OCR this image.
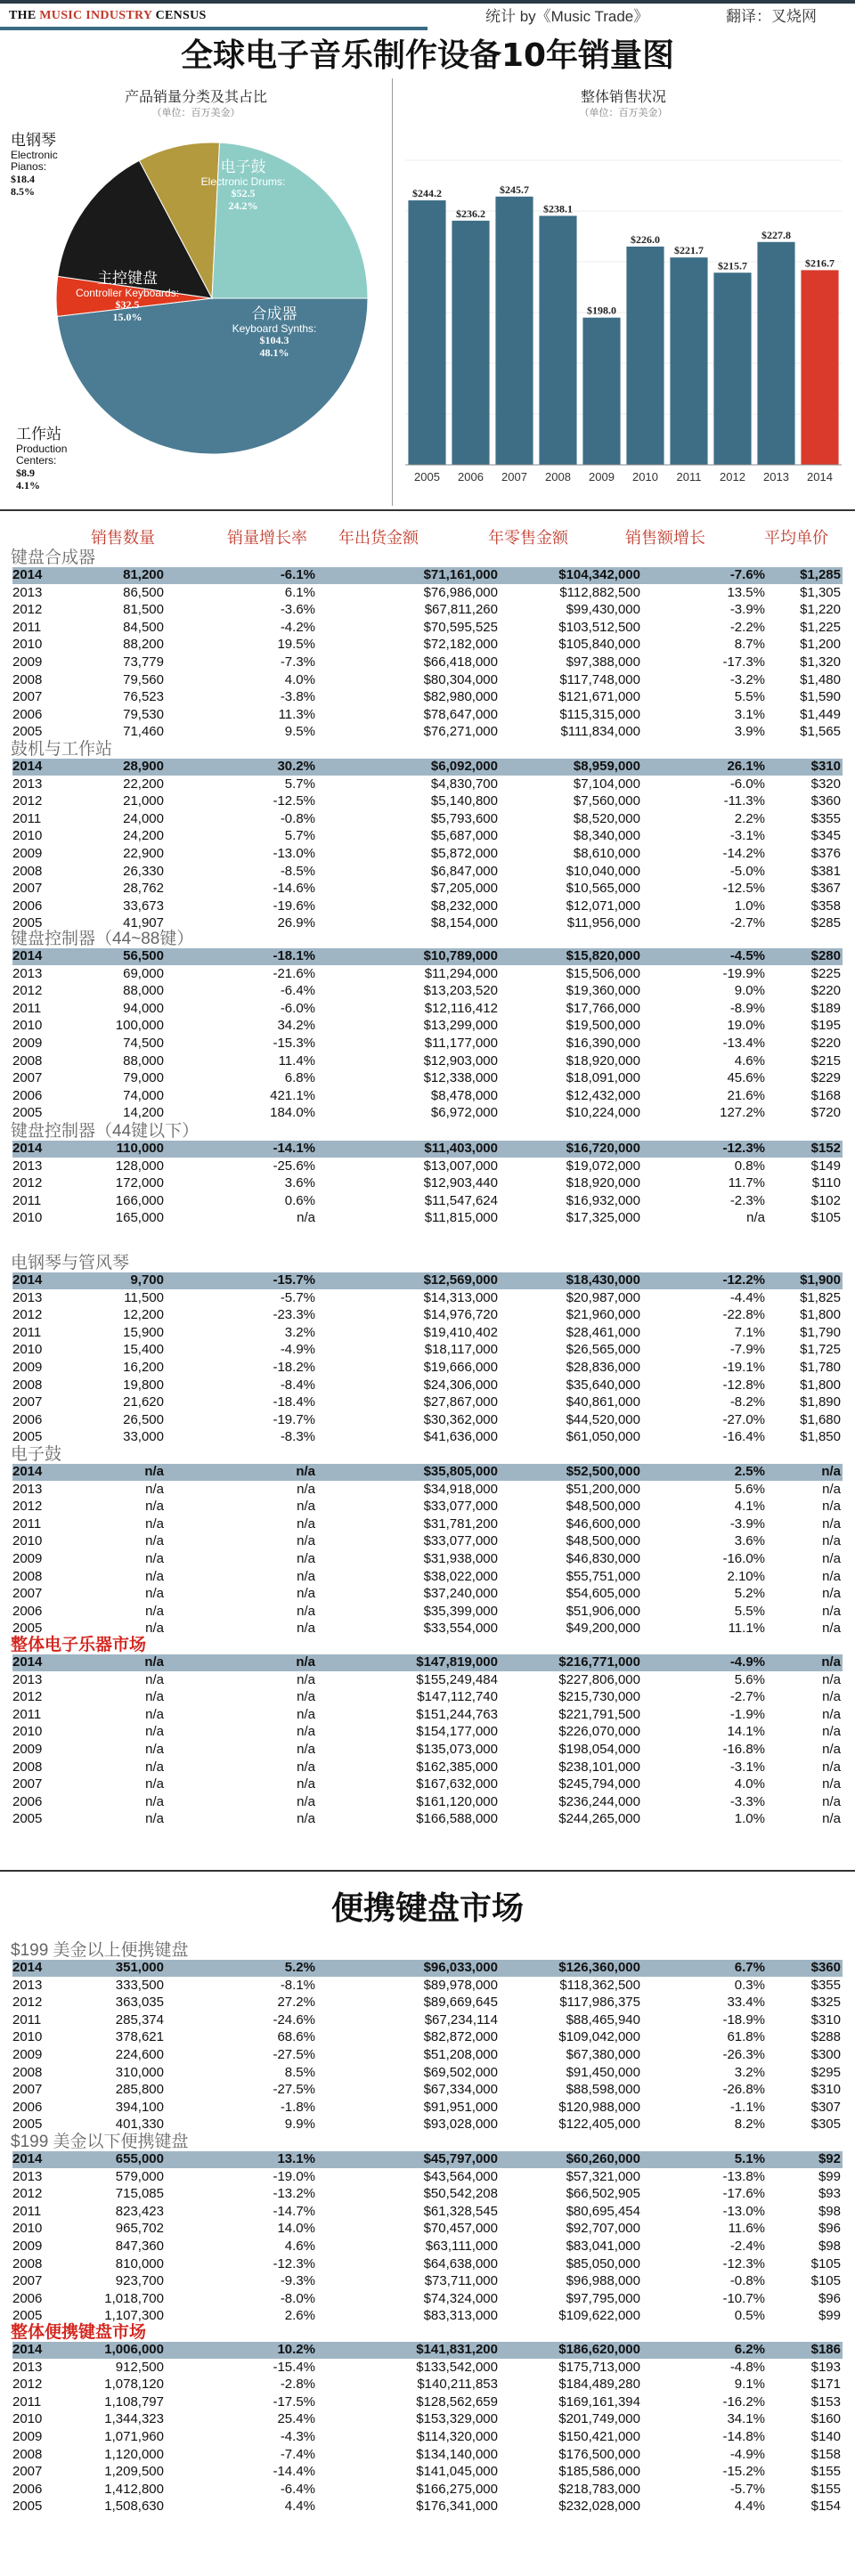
THE MUSIC INDUSTRY CENSUS	统计 by《Music Trade》	翻译：叉烧网
全球电子音乐制作设备10年销量图
产品销量分类及其占比
（单位：百万美金）
整体销售状况
（单位：百万美金）
电子鼓
Electronic Drums:
$52.5
24.2%
电钢琴
Electronic Pianos:
$18.4
8.5%
主控键盘
Controller Keyboards:
$32.5
15.0%	合成器
Keyboard Synths:
$104.3
48.1%
工作站
Production Centers:
$8.9
4.1%
$244.2
2005
$236.2
2006
$245.7
2007
$238.1
2008
$198.0
2009
$226.0
2010
$221.7
2011
$215.7
2012
$227.8
2013
$216.7
2014
销售数量	销量增长率 年出货金额	年零售金额	销售额增长	平均单价
键盘合成器
2014	81,200	-6.1%	$71,161,000	$104,342,000	-7.6%	$1,285
2013	86,500	6.1%	$76,986,000	$112,882,500	13.5%	$1,305
2012	81,500	-3.6%	$67,811,260	$99,430,000	-3.9%	$1,220
2011	84,500	-4.2%	$70,595,525	$103,512,500	-2.2%	$1,225
2010	88,200	19.5%	$72,182,000	$105,840,000	8.7%	$1,200
2009	73,779	-7.3%	$66,418,000	$97,388,000	-17.3%	$1,320
2008	79,560	4.0%	$80,304,000	$117,748,000	-3.2%	$1,480
2007	76,523	-3.8%	$82,980,000	$121,671,000	5.5%	$1,590
2006	79,530	11.3%	$78,647,000	$115,315,000	3.1%	$1,449
2005	71,460	9.5%	$76,271,000	$111,834,000	3.9%	$1,565
鼓机与工作站
2014	28,900	30.2%	$6,092,000	$8,959,000	26.1%	$310
2013	22,200	5.7%	$4,830,700	$7,104,000	-6.0%	$320
2012	21,000	-12.5%	$5,140,800	$7,560,000	-11.3%	$360
2011	24,000	-0.8%	$5,793,600	$8,520,000	2.2%	$355
2010	24,200	5.7%	$5,687,000	$8,340,000	-3.1%	$345
2009	22,900	-13.0%	$5,872,000	$8,610,000	-14.2%	$376
2008	26,330	-8.5%	$6,847,000	$10,040,000	-5.0%	$381
2007	28,762	-14.6%	$7,205,000	$10,565,000	-12.5%	$367
2006	33,673	-19.6%	$8,232,000	$12,071,000	1.0%	$358
2005	41,907	26.9%	$8,154,000	$11,956,000	-2.7%	$285
键盘控制器（44~88键）
2014	56,500	-18.1%	$10,789,000	$15,820,000	-4.5%	$280
2013	69,000	-21.6%	$11,294,000	$15,506,000	-19.9%	$225
2012	88,000	-6.4%	$13,203,520	$19,360,000	9.0%	$220
2011	94,000	-6.0%	$12,116,412	$17,766,000	-8.9%	$189
2010	100,000	34.2%	$13,299,000	$19,500,000	19.0%	$195
2009	74,500	-15.3%	$11,177,000	$16,390,000	-13.4%	$220
2008	88,000	11.4%	$12,903,000	$18,920,000	4.6%	$215
2007	79,000	6.8%	$12,338,000	$18,091,000	45.6%	$229
2006	74,000	421.1%	$8,478,000	$12,432,000	21.6%	$168
2005	14,200	184.0%	$6,972,000	$10,224,000	127.2%	$720
键盘控制器（44键以下）
2014	110,000	-14.1%	$11,403,000	$16,720,000	-12.3%	$152
2013	128,000	-25.6%	$13,007,000	$19,072,000	0.8%	$149
2012	172,000	3.6%	$12,903,440	$18,920,000	11.7%	$110
2011	166,000	0.6%	$11,547,624	$16,932,000	-2.3%	$102
2010	165,000	n/a	$11,815,000	$17,325,000	n/a	$105
电钢琴与管风琴
2014	9,700	-15.7%	$12,569,000	$18,430,000	-12.2%	$1,900
2013	11,500	-5.7%	$14,313,000	$20,987,000	-4.4%	$1,825
2012	12,200	-23.3%	$14,976,720	$21,960,000	-22.8%	$1,800
2011	15,900	3.2%	$19,410,402	$28,461,000	7.1%	$1,790
2010	15,400	-4.9%	$18,117,000	$26,565,000	-7.9%	$1,725
2009	16,200	-18.2%	$19,666,000	$28,836,000	-19.1%	$1,780
2008	19,800	-8.4%	$24,306,000	$35,640,000	-12.8%	$1,800
2007	21,620	-18.4%	$27,867,000	$40,861,000	-8.2%	$1,890
2006	26,500	-19.7%	$30,362,000	$44,520,000	-27.0%	$1,680
2005	33,000	-8.3%	$41,636,000	$61,050,000	-16.4%	$1,850
电子鼓
2014	n/a	n/a	$35,805,000	$52,500,000	2.5%	n/a
2013	n/a	n/a	$34,918,000	$51,200,000	5.6%	n/a
2012	n/a	n/a	$33,077,000	$48,500,000	4.1%	n/a
2011	n/a	n/a	$31,781,200	$46,600,000	-3.9%	n/a
2010	n/a	n/a	$33,077,000	$48,500,000	3.6%	n/a
2009	n/a	n/a	$31,938,000	$46,830,000	-16.0%	n/a
2008	n/a	n/a	$38,022,000	$55,751,000	2.10%	n/a
2007	n/a	n/a	$37,240,000	$54,605,000	5.2%	n/a
2006	n/a	n/a	$35,399,000	$51,906,000	5.5%	n/a
2005	n/a	n/a	$33,554,000	$49,200,000	11.1%	n/a
整体电子乐器市场
2014	n/a	n/a	$147,819,000	$216,771,000	-4.9%	n/a
2013	n/a	n/a	$155,249,484	$227,806,000	5.6%	n/a
2012	n/a	n/a	$147,112,740	$215,730,000	-2.7%	n/a
2011	n/a	n/a	$151,244,763	$221,791,500	-1.9%	n/a
2010	n/a	n/a	$154,177,000	$226,070,000	14.1%	n/a
2009	n/a	n/a	$135,073,000	$198,054,000	-16.8%	n/a
2008	n/a	n/a	$162,385,000	$238,101,000	-3.1%	n/a
2007	n/a	n/a	$167,632,000	$245,794,000	4.0%	n/a
2006	n/a	n/a	$161,120,000	$236,244,000	-3.3%	n/a
2005	n/a	n/a	$166,588,000	$244,265,000	1.0%	n/a
$199 美金以上便携键盘
2014	351,000	5.2%	$96,033,000	$126,360,000	6.7%	$360
2013	333,500	-8.1%	$89,978,000	$118,362,500	0.3%	$355
2012	363,035	27.2%	$89,669,645	$117,986,375	33.4%	$325
2011	285,374	-24.6%	$67,234,114	$88,465,940	-18.9%	$310
2010	378,621	68.6%	$82,872,000	$109,042,000	61.8%	$288
2009	224,600	-27.5%	$51,208,000	$67,380,000	-26.3%	$300
2008	310,000	8.5%	$69,502,000	$91,450,000	3.2%	$295
2007	285,800	-27.5%	$67,334,000	$88,598,000	-26.8%	$310
2006	394,100	-1.8%	$91,951,000	$120,988,000	-1.1%	$307
2005	401,330	9.9%	$93,028,000	$122,405,000	8.2%	$305
$199 美金以下便携键盘
2014	655,000	13.1%	$45,797,000	$60,260,000	5.1%	$92
2013	579,000	-19.0%	$43,564,000	$57,321,000	-13.8%	$99
2012	715,085	-13.2%	$50,542,208	$66,502,905	-17.6%	$93
2011	823,423	-14.7%	$61,328,545	$80,695,454	-13.0%	$98
2010	965,702	14.0%	$70,457,000	$92,707,000	11.6%	$96
2009	847,360	4.6%	$63,111,000	$83,041,000	-2.4%	$98
2008	810,000	-12.3%	$64,638,000	$85,050,000	-12.3%	$105
2007	923,700	-9.3%	$73,711,000	$96,988,000	-0.8%	$105
2006	1,018,700	-8.0%	$74,324,000	$97,795,000	-10.7%	$96
2005	1,107,300	2.6%	$83,313,000	$109,622,000	0.5%	$99
整体便携键盘市场
2014	1,006,000	10.2%	$141,831,200	$186,620,000	6.2%	$186
2013	912,500	-15.4%	$133,542,000	$175,713,000	-4.8%	$193
2012	1,078,120	-2.8%	$140,211,853	$184,489,280	9.1%	$171
2011	1,108,797	-17.5%	$128,562,659	$169,161,394	-16.2%	$153
2010	1,344,323	25.4%	$153,329,000	$201,749,000	34.1%	$160
2009	1,071,960	-4.3%	$114,320,000	$150,421,000	-14.8%	$140
2008	1,120,000	-7.4%	$134,140,000	$176,500,000	-4.9%	$158
2007	1,209,500	-14.4%	$141,045,000	$185,586,000	-15.2%	$155
2006	1,412,800	-6.4%	$166,275,000	$218,783,000	-5.7%	$155
2005	1,508,630	4.4%	$176,341,000	$232,028,000	4.4%	$154
便携键盘市场
